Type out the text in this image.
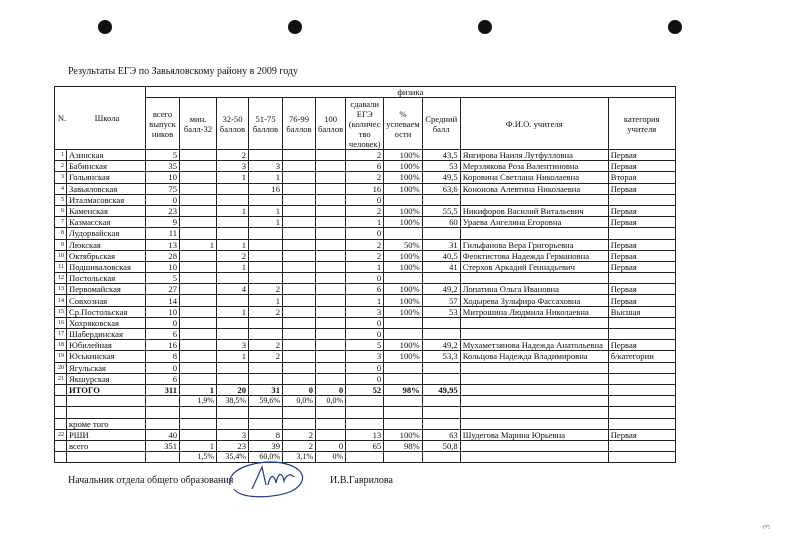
Результаты ЕГЭ по Завьяловскому району в 2009 году
N. Школа		физика										
		всего выпуск ников	мин. балл-32	32-50 баллов	51-75 баллов	76-99 баллов	100 баллов	сдавали ЕГЭ (количес тво человек)	% успеваем ости	Средний балл	Ф.И.О. учителя	категория учителя
1	Азинская	5		2				2	100%	43,5	Янгирова Наиля Лутфулловна	Первая
2	Бабинская	35		3	3			6	100%	53	Мерзлякова Роза Валентиновна	Первая
3	Гольянская	10		1	1			2	100%	49,5	Коровина Светлана Николаевна	Вторая
4	Завьяловская	75			16			16	100%	63,6	Кононова Алевтина Николаевна	Первая
5	Италмасовская	0						0				
6	Каменская	23		1	1			2	100%	55,5	Никифоров Василий Витальевич	Первая
7	Казмасская	9			1			1	100%	60	Ураева Ангелина Егоровна	Первая
8	Лудорвайская	11						0				
9	Люкская	13	1	1				2	50%	31	Гильфанова Вера Григорьевна	Первая
10	Октябрьская	28		2				2	100%	40,5	Феоктистова Надежда Германовна	Первая
11	Подшиваловская	10		1				1	100%	41	Стерхов Аркадий Геннадьевич	Первая
12	Постольская	5						0				
13	Первомайская	27		4	2			6	100%	49,2	Лопатина Ольга Ивановна	Первая
14	Совхозная	14			1			1	100%	57	Ходырева Зульфира Фассаховна	Первая
15	Ср.Постольская	10		1	2			3	100%	53	Митрошина Людмила Николаевна	Высшая
16	Хохряковская	0						0				
17	Шабердинская	6						0				
18	Юбилейная	16		3	2			5	100%	49,2	Мухаметзянова Надежда Анатольевна	Первая
19	Юськинская	8		1	2			3	100%	53,3	Кольцова Надежда Владимировна	б/категории
20	Ягульская	0						0				
21	Якшурская	6						0				
	ИТОГО	311	1	20	31	0	0	52	98%	49,95		
			1,9%	38,5%	59,6%	0,0%	0,0%					

	кроме того											
22	РШИ	40		3	8	2		13	100%	63	Шудегова Марина Юрьевна	Первая
	всего	351	1	23	39	2	0	65	98%	50,8		
			1,5%	35,4%	60,0%	3,1%	0%					
Начальник отдела общего образования	И.В.Гаврилова
3
